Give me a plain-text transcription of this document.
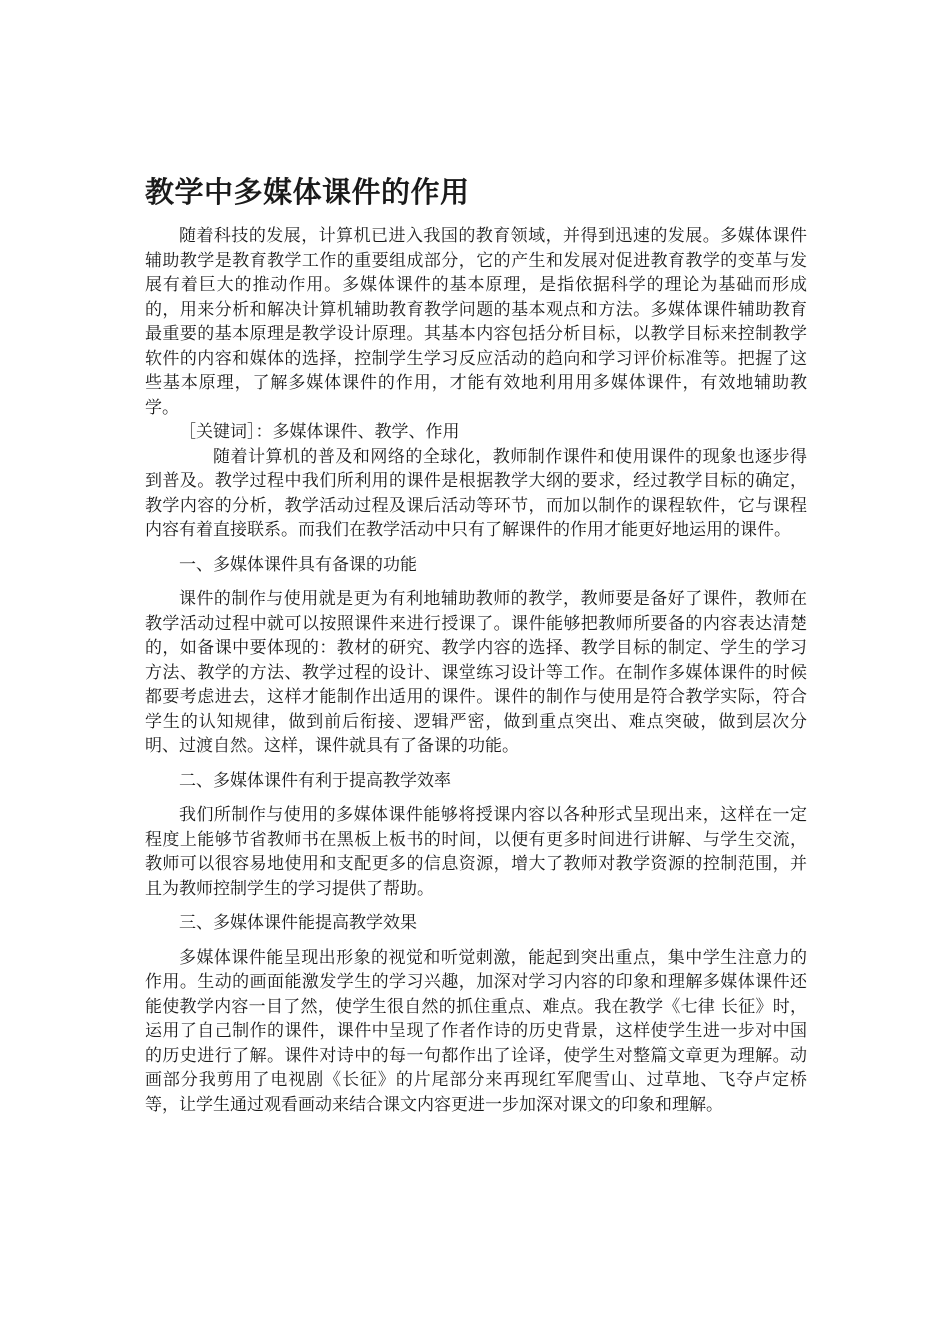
教学中多媒体课件的作用

随着科技的发展，计算机已进入我国的教育领域，并得到迅速的发展。多媒体课件辅助教学是教育教学工作的重要组成部分，它的产生和发展对促进教育教学的变革与发展有着巨大的推动作用。多媒体课件的基本原理，是指依据科学的理论为基础而形成的，用来分析和解决计算机辅助教育教学问题的基本观点和方法。多媒体课件辅助教育最重要的基本原理是教学设计原理。其基本内容包括分析目标，以教学目标来控制教学软件的内容和媒体的选择，控制学生学习反应活动的趋向和学习评价标准等。把握了这些基本原理，了解多媒体课件的作用，才能有效地利用用多媒体课件，有效地辅助教学。

［关键词］：多媒体课件、教学、作用

随着计算机的普及和网络的全球化，教师制作课件和使用课件的现象也逐步得到普及。教学过程中我们所利用的课件是根据教学大纲的要求，经过教学目标的确定，教学内容的分析，教学活动过程及课后活动等环节，而加以制作的课程软件，它与课程内容有着直接联系。而我们在教学活动中只有了解课件的作用才能更好地运用的课件。

一、多媒体课件具有备课的功能

课件的制作与使用就是更为有利地辅助教师的教学，教师要是备好了课件，教师在教学活动过程中就可以按照课件来进行授课了。课件能够把教师所要备的内容表达清楚的，如备课中要体现的：教材的研究、教学内容的选择、教学目标的制定、学生的学习方法、教学的方法、教学过程的设计、课堂练习设计等工作。在制作多媒体课件的时候都要考虑进去，这样才能制作出适用的课件。课件的制作与使用是符合教学实际，符合学生的认知规律，做到前后衔接、逻辑严密，做到重点突出、难点突破，做到层次分明、过渡自然。这样，课件就具有了备课的功能。

二、多媒体课件有利于提高教学效率

我们所制作与使用的多媒体课件能够将授课内容以各种形式呈现出来，这样在一定程度上能够节省教师书在黑板上板书的时间，以便有更多时间进行讲解、与学生交流，教师可以很容易地使用和支配更多的信息资源，增大了教师对教学资源的控制范围，并且为教师控制学生的学习提供了帮助。

三、多媒体课件能提高教学效果

多媒体课件能呈现出形象的视觉和听觉刺激，能起到突出重点，集中学生注意力的作用。生动的画面能激发学生的学习兴趣，加深对学习内容的印象和理解多媒体课件还能使教学内容一目了然，使学生很自然的抓住重点、难点。我在教学《七律 长征》时，运用了自己制作的课件，课件中呈现了作者作诗的历史背景，这样使学生进一步对中国的历史进行了解。课件对诗中的每一句都作出了诠译，使学生对整篇文章更为理解。动画部分我剪用了电视剧《长征》的片尾部分来再现红军爬雪山、过草地、飞夺卢定桥等，让学生通过观看画动来结合课文内容更进一步加深对课文的印象和理解。
